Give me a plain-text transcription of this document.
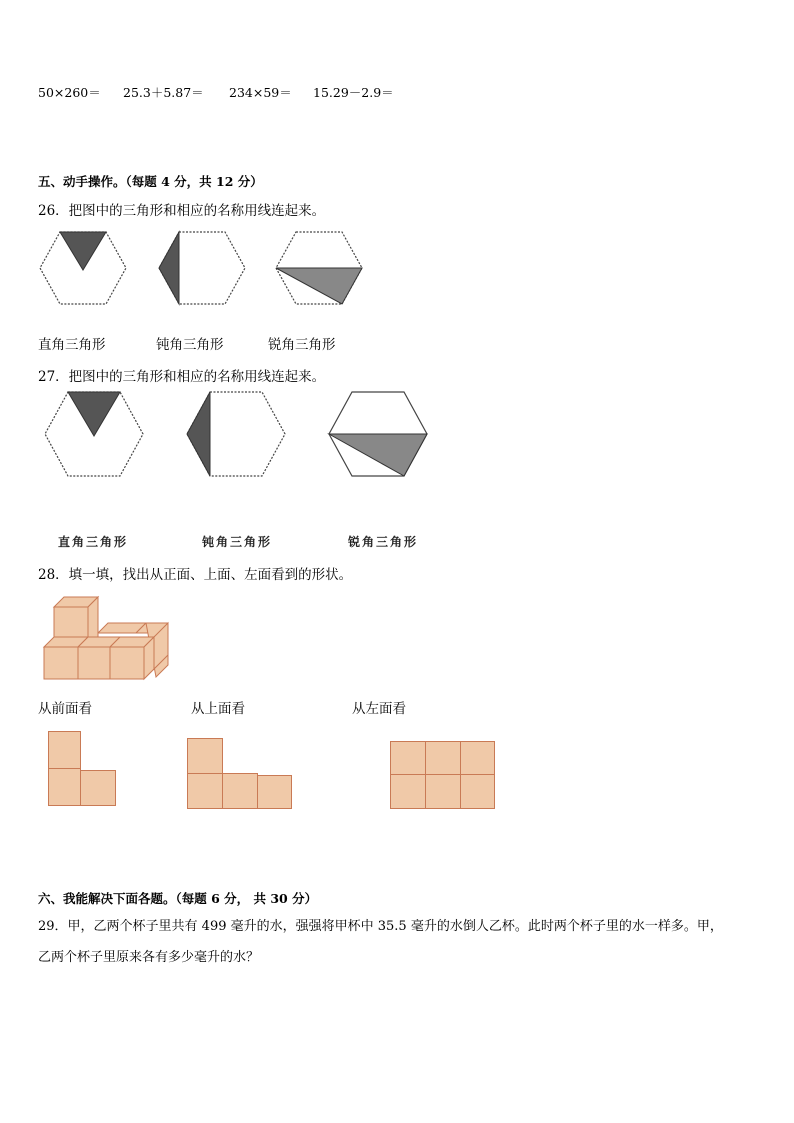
50×260＝ 25.3＋5.87＝ 234×59＝ 15.29－2.9＝
五、动手操作。（每题 4 分，共 12 分）
26．把图中的三角形和相应的名称用线连起来。
直角三角形	钝角三角形	锐角三角形
27．把图中的三角形和相应的名称用线连起来。
直角三角形	钝角三角形	锐角三角形
28．填一填，找出从正面、上面、左面看到的形状。
从前面看	从上面看	从左面看
六、我能解决下面各题。（每题 6 分， 共 30 分）
29．甲，乙两个杯子里共有 499 毫升的水，强强将甲杯中 35.5 毫升的水倒人乙杯。此时两个杯子里的水一样多。甲，
乙两个杯子里原来各有多少毫升的水？
